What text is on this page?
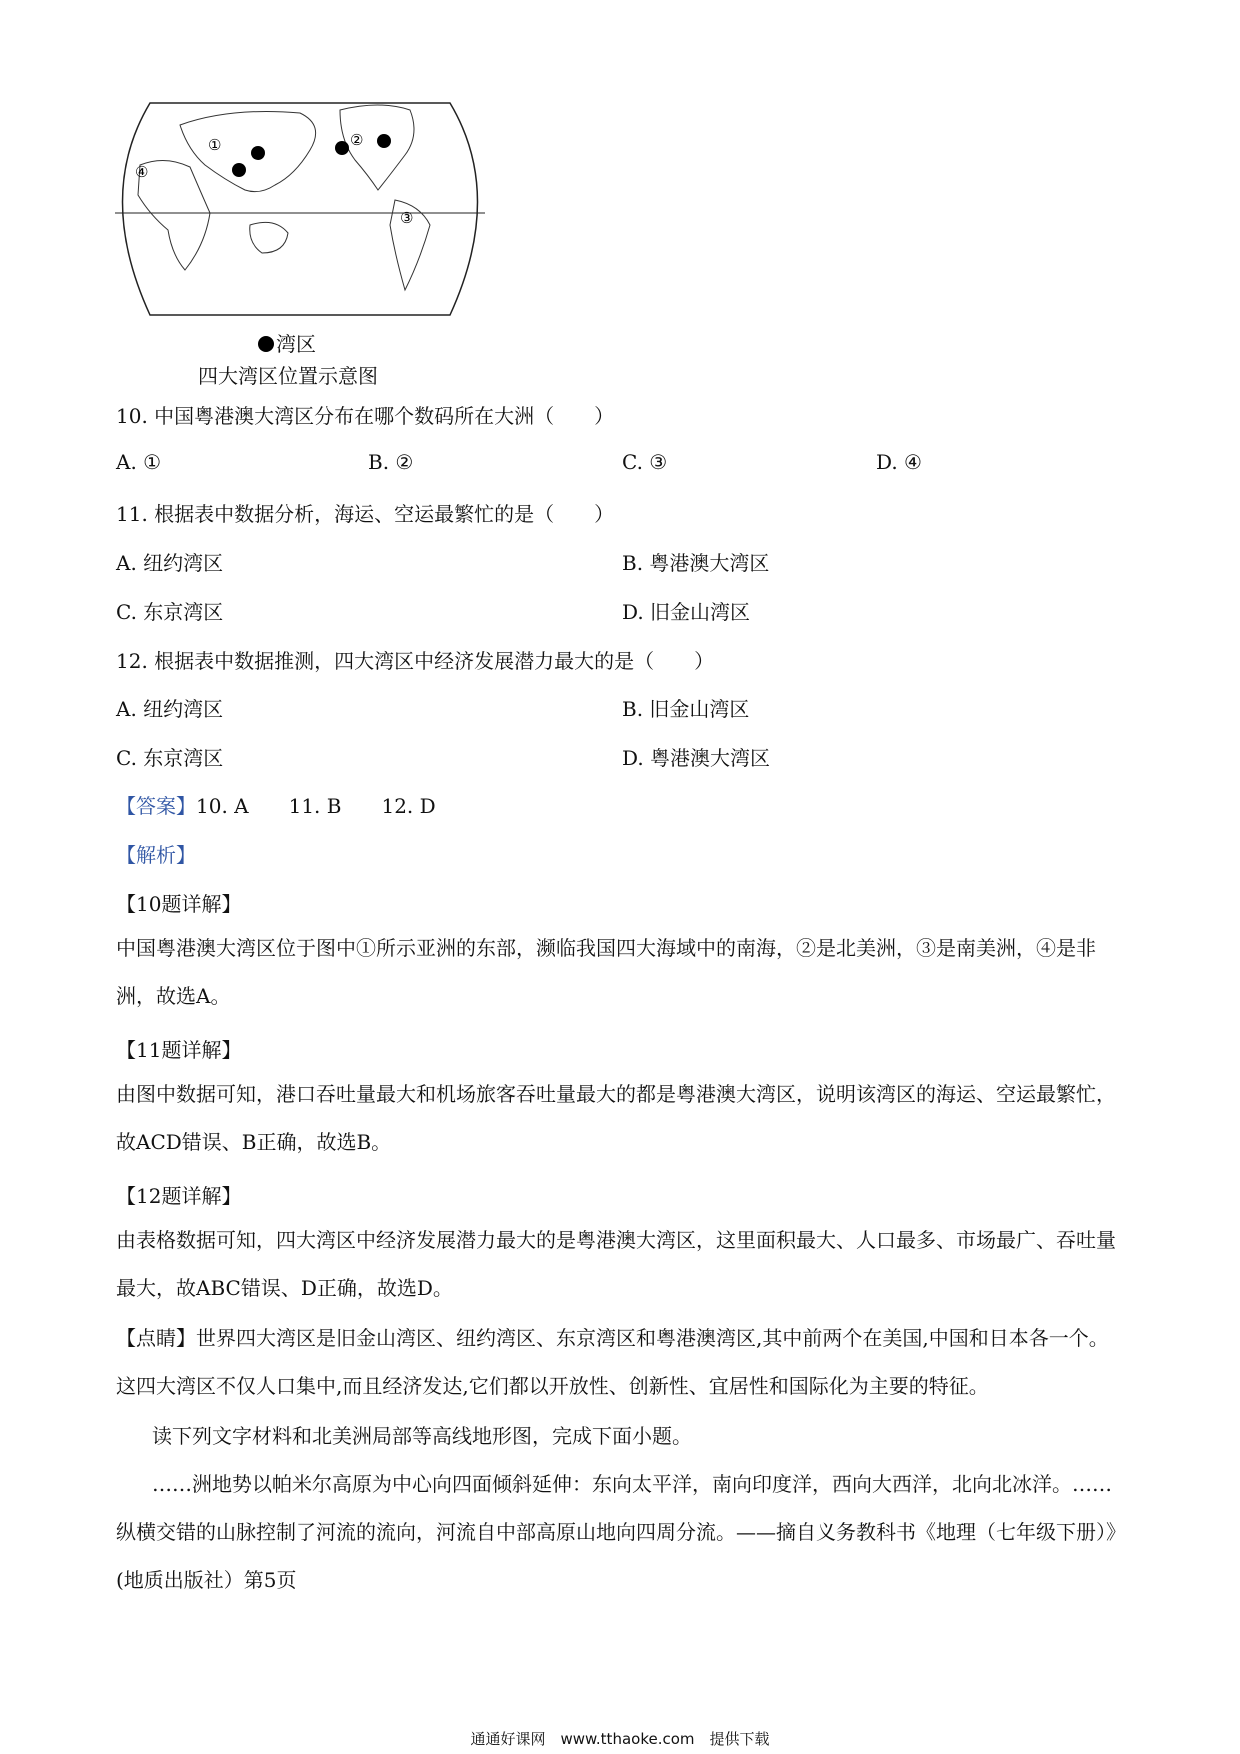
①	②
③
④
湾区
四大湾区位置示意图
10. 中国粤港澳大湾区分布在哪个数码所在大洲（　　）
A. ①	B. ②	C. ③	D. ④
11. 根据表中数据分析，海运、空运最繁忙的是（　　）
A. 纽约湾区	B. 粤港澳大湾区
C. 东京湾区	D. 旧金山湾区
12. 根据表中数据推测，四大湾区中经济发展潜力最大的是（　　）
A. 纽约湾区	B. 旧金山湾区
C. 东京湾区	D. 粤港澳大湾区
【答案】10. A　　11. B　　12. D
【解析】
【10题详解】
中国粤港澳大湾区位于图中①所示亚洲的东部，濒临我国四大海域中的南海，②是北美洲，③是南美洲，④是非洲，故选A。
【11题详解】
由图中数据可知，港口吞吐量最大和机场旅客吞吐量最大的都是粤港澳大湾区，说明该湾区的海运、空运最繁忙，故ACD错误、B正确，故选B。
【12题详解】
由表格数据可知，四大湾区中经济发展潜力最大的是粤港澳大湾区，这里面积最大、人口最多、市场最广、吞吐量最大，故ABC错误、D正确，故选D。
【点睛】世界四大湾区是旧金山湾区、纽约湾区、东京湾区和粤港澳湾区,其中前两个在美国,中国和日本各一个。这四大湾区不仅人口集中,而且经济发达,它们都以开放性、创新性、宜居性和国际化为主要的特征。
读下列文字材料和北美洲局部等高线地形图，完成下面小题。
……洲地势以帕米尔高原为中心向四面倾斜延伸：东向太平洋，南向印度洋，西向大西洋，北向北冰洋。……纵横交错的山脉控制了河流的流向，河流自中部高原山地向四周分流。——摘自义务教科书《地理（七年级下册）》(地质出版社）第5页
通通好课网　www.tthaoke.com　提供下载
